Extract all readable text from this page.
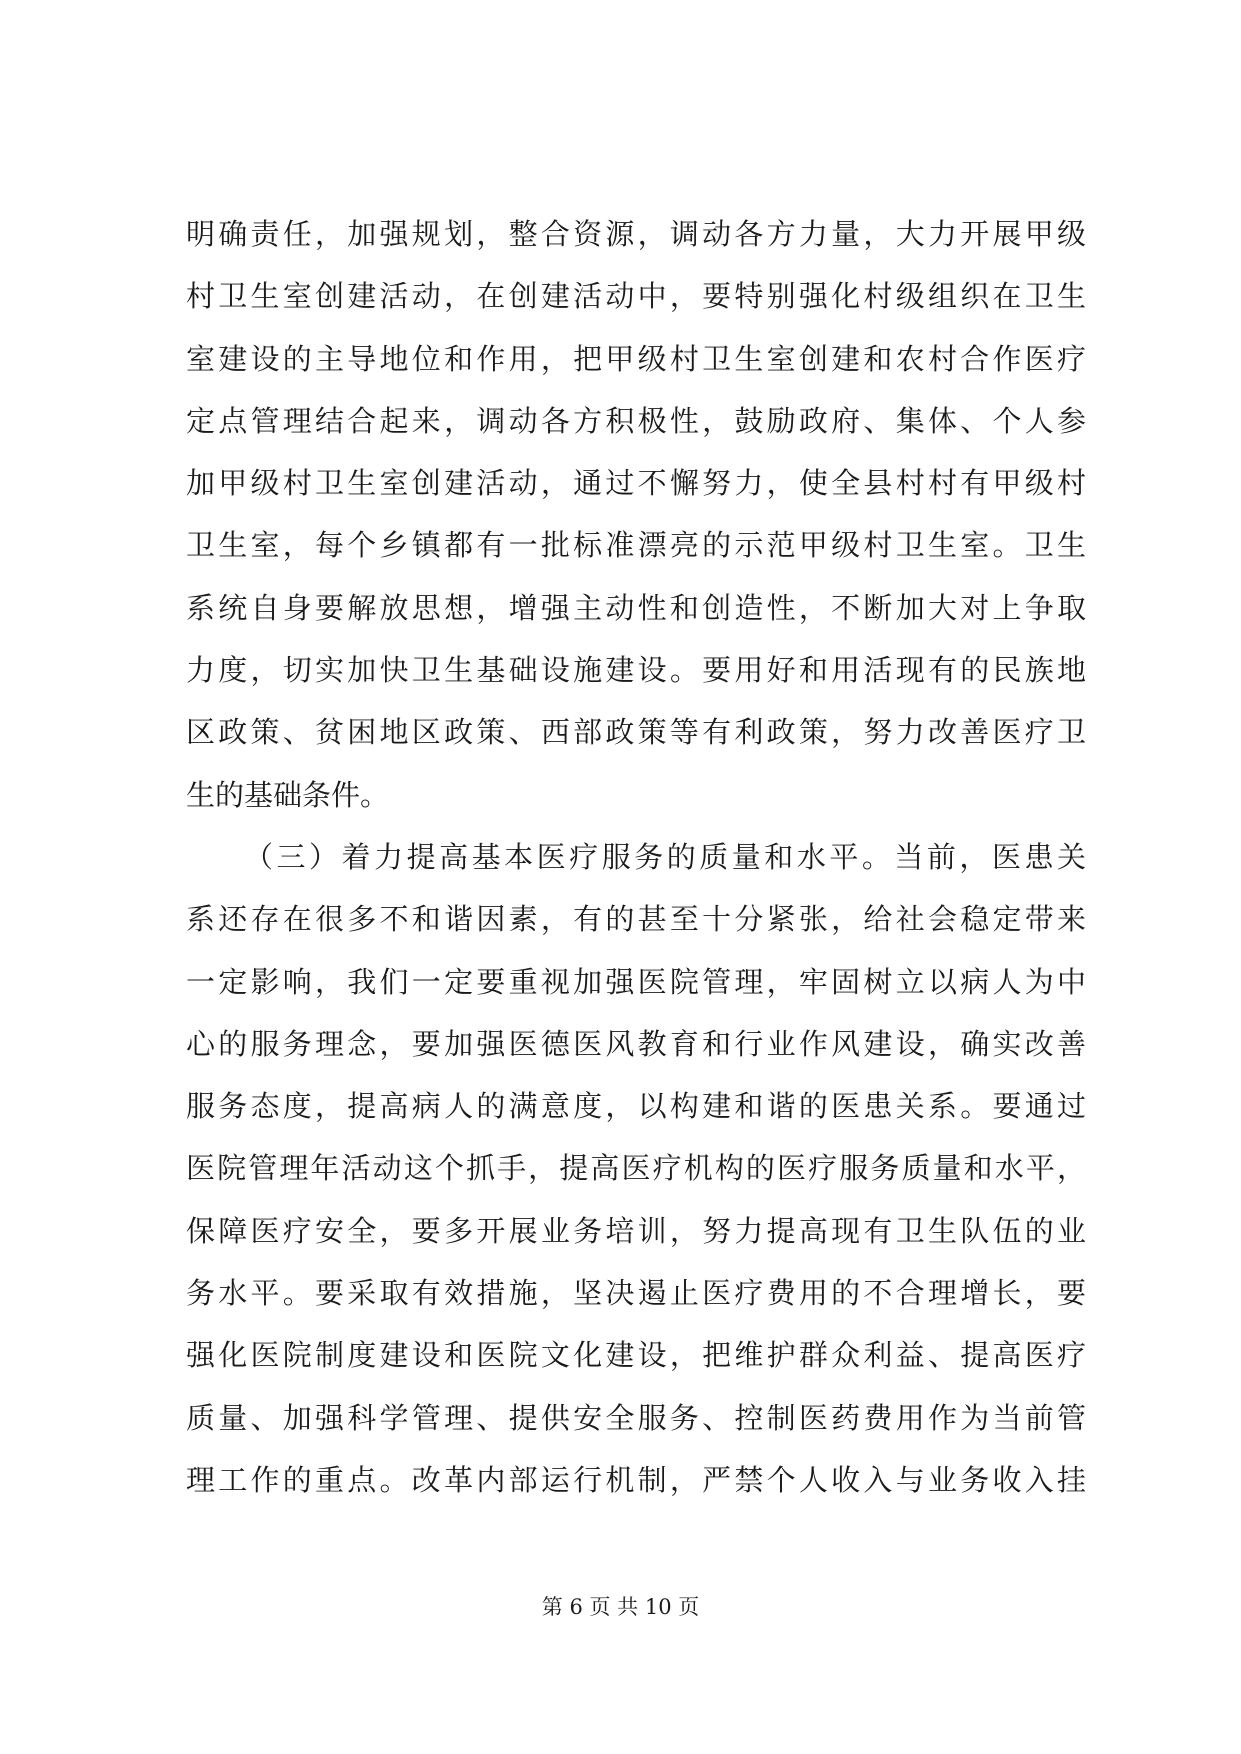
明确责任，加强规划，整合资源，调动各方力量，大力开展甲级
村卫生室创建活动，在创建活动中，要特别强化村级组织在卫生
室建设的主导地位和作用，把甲级村卫生室创建和农村合作医疗
定点管理结合起来，调动各方积极性，鼓励政府、集体、个人参
加甲级村卫生室创建活动，通过不懈努力，使全县村村有甲级村
卫生室，每个乡镇都有一批标准漂亮的示范甲级村卫生室。卫生
系统自身要解放思想，增强主动性和创造性，不断加大对上争取
力度，切实加快卫生基础设施建设。要用好和用活现有的民族地
区政策、贫困地区政策、西部政策等有利政策，努力改善医疗卫
生的基础条件。
（三）着力提高基本医疗服务的质量和水平。当前，医患关
系还存在很多不和谐因素，有的甚至十分紧张，给社会稳定带来
一定影响，我们一定要重视加强医院管理，牢固树立以病人为中
心的服务理念，要加强医德医风教育和行业作风建设，确实改善
服务态度，提高病人的满意度，以构建和谐的医患关系。要通过
医院管理年活动这个抓手，提高医疗机构的医疗服务质量和水平，
保障医疗安全，要多开展业务培训，努力提高现有卫生队伍的业
务水平。要采取有效措施，坚决遏止医疗费用的不合理增长，要
强化医院制度建设和医院文化建设，把维护群众利益、提高医疗
质量、加强科学管理、提供安全服务、控制医药费用作为当前管
理工作的重点。改革内部运行机制，严禁个人收入与业务收入挂
第 6 页 共 10 页
